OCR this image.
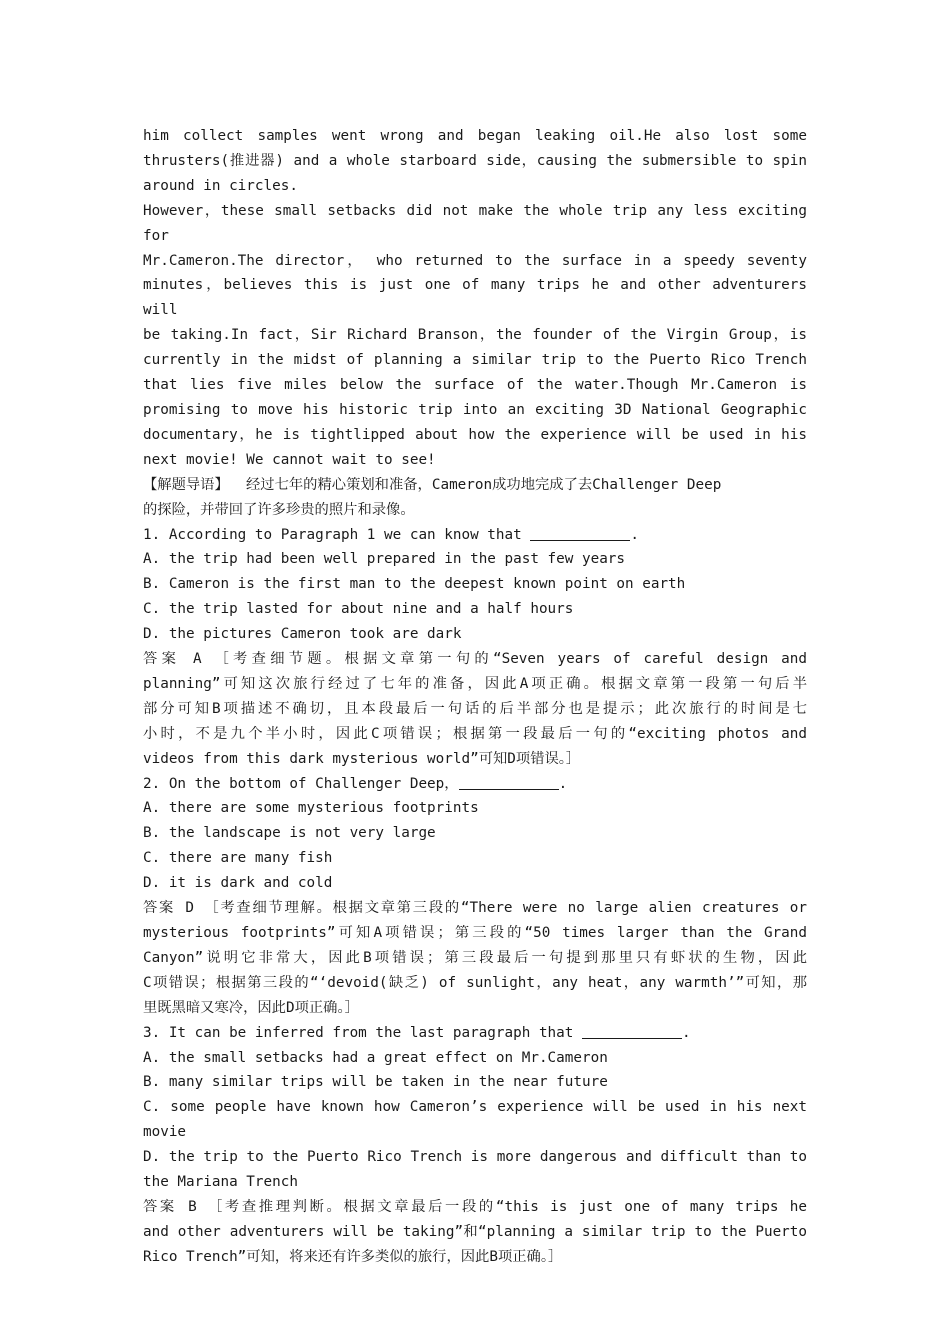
him collect samples went wrong and began leaking oil.He also lost some
thrusters(推进器) and a whole starboard side，causing the submersible to spin
around in circles.
However，these small setbacks did not make the whole trip any less exciting for
Mr.Cameron.The director， who returned to the surface in a speedy seventy
minutes，believes this is just one of many trips he and other adventurers will
be taking.In fact，Sir Richard Branson，the founder of the Virgin Group，is
currently in the midst of planning a similar trip to the Puerto Rico Trench
that lies five miles below the surface of the water.Though Mr.Cameron is
promising to move his historic trip into an exciting 3D National Geographic
documentary，he is tightlipped about how the experience will be used in his
next movie! We cannot wait to see!
【解题导语】  经过七年的精心策划和准备，Cameron成功地完成了去Challenger Deep
的探险，并带回了许多珍贵的照片和录像。
1. According to Paragraph 1 we can know that	.
A. the trip had been well prepared in the past few years
B. Cameron is the first man to the deepest known point on earth
C. the trip lasted for about nine and a half hours
D. the pictures Cameron took are dark
答案 A ［考查细节题。根据文章第一句的“Seven years of careful design and
planning”可知这次旅行经过了七年的准备，因此A项正确。根据文章第一段第一句后半
部分可知B项描述不确切，且本段最后一句话的后半部分也是提示；此次旅行的时间是七
小时，不是九个半小时，因此C项错误；根据第一段最后一句的“exciting photos and
videos from this dark mysterious world”可知D项错误。］
2. On the bottom of Challenger Deep，	.
A. there are some mysterious footprints
B. the landscape is not very large
C. there are many fish
D. it is dark and cold
答案 D ［考查细节理解。根据文章第三段的“There were no large alien creatures or
mysterious footprints”可知A项错误；第三段的“50 times larger than the Grand
Canyon”说明它非常大，因此B项错误；第三段最后一句提到那里只有虾状的生物，因此
C项错误；根据第三段的“‘devoid(缺乏) of sunlight，any heat，any warmth’”可知，那
里既黑暗又寒冷，因此D项正确。］
3. It can be inferred from the last paragraph that	.
A. the small setbacks had a great effect on Mr.Cameron
B. many similar trips will be taken in the near future
C. some people have known how Cameron’s experience will be used in his next
movie
D. the trip to the Puerto Rico Trench is more dangerous and difficult than to
the Mariana Trench
答案 B ［考查推理判断。根据文章最后一段的“this is just one of many trips he
and other adventurers will be taking”和“planning a similar trip to the Puerto
Rico Trench”可知，将来还有许多类似的旅行，因此B项正确。］
